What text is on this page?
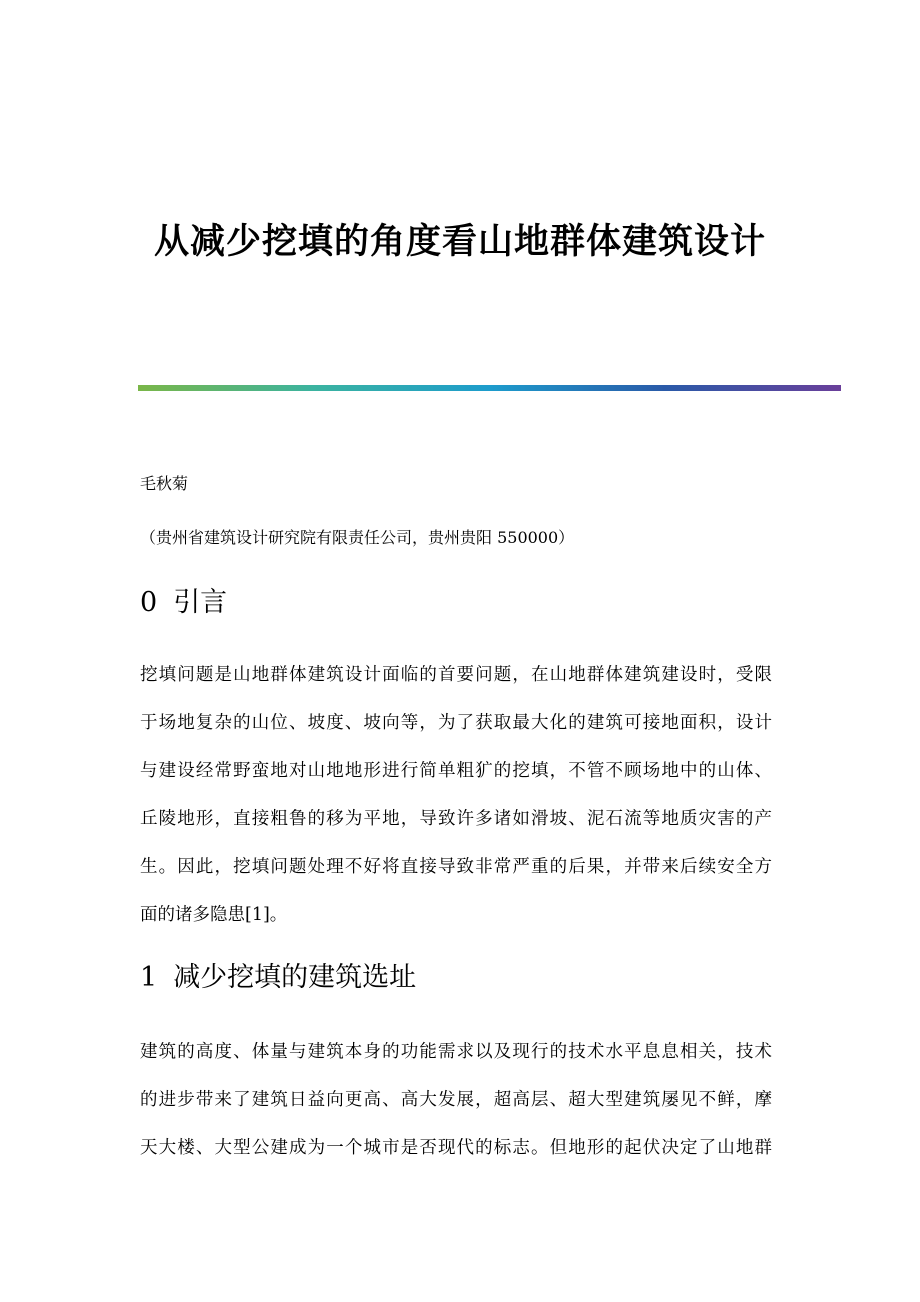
从减少挖填的角度看山地群体建筑设计

毛秋菊

（贵州省建筑设计研究院有限责任公司，贵州贵阳 550000）

0 引言
挖填问题是山地群体建筑设计面临的首要问题，在山地群体建筑建设时，受限
于场地复杂的山位、坡度、坡向等，为了获取最大化的建筑可接地面积，设计
与建设经常野蛮地对山地地形进行简单粗犷的挖填，不管不顾场地中的山体、
丘陵地形，直接粗鲁的移为平地，导致许多诸如滑坡、泥石流等地质灾害的产
生。因此，挖填问题处理不好将直接导致非常严重的后果，并带来后续安全方
面的诸多隐患[1]。
1 减少挖填的建筑选址
建筑的高度、体量与建筑本身的功能需求以及现行的技术水平息息相关，技术
的进步带来了建筑日益向更高、高大发展，超高层、超大型建筑屡见不鲜，摩
天大楼、大型公建成为一个城市是否现代的标志。但地形的起伏决定了山地群
